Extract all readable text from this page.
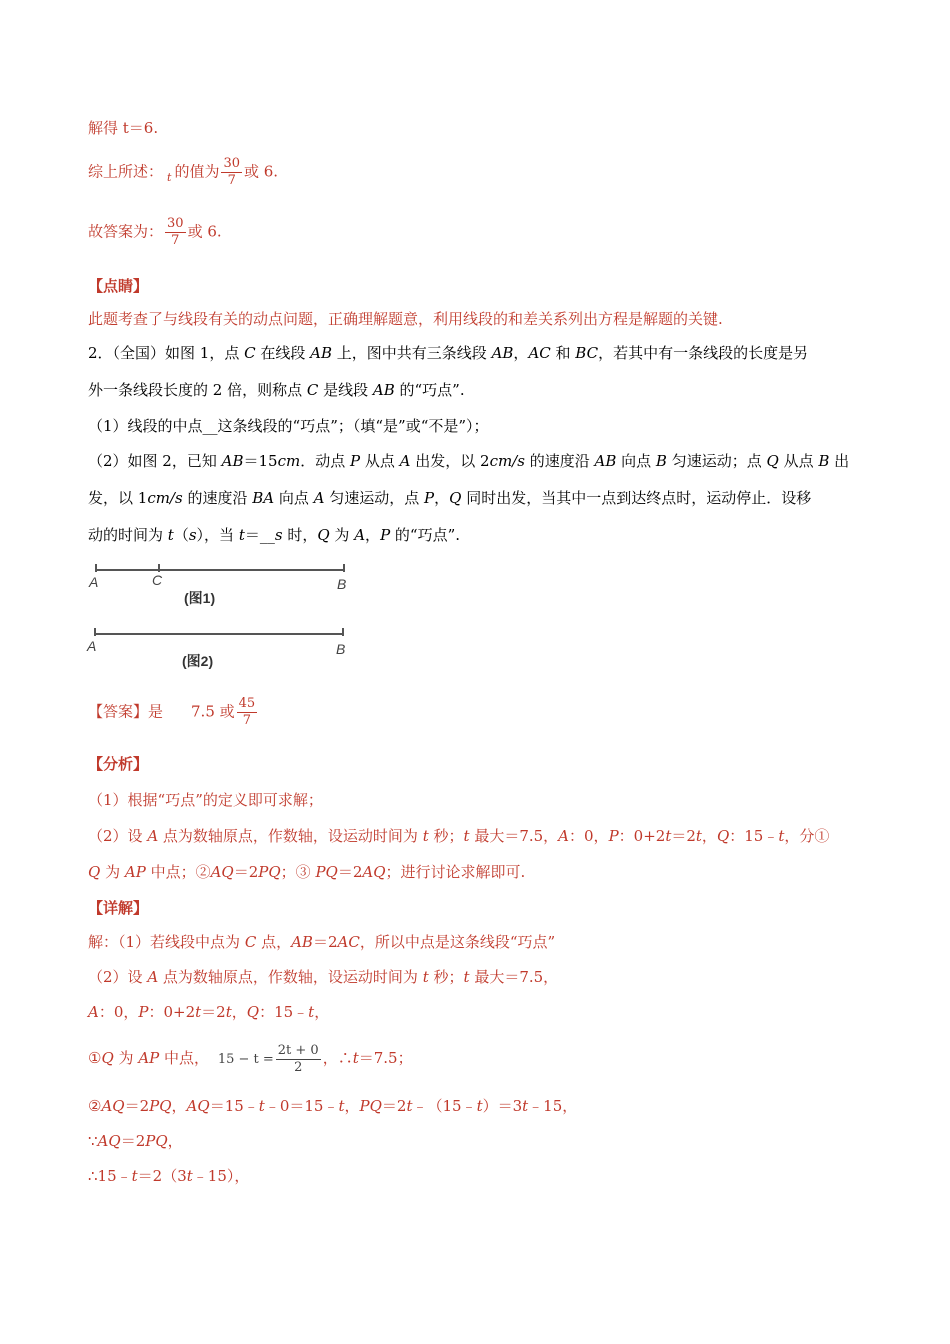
解得 t＝6.
综上所述： $_t$ 的值为 $\frac{30}{7}$ 或 6.
故答案为： $\frac{30}{7}$ 或 6.
【点睛】
此题考查了与线段有关的动点问题，正确理解题意，利用线段的和差关系列出方程是解题的关键.
2．（全国）如图 1，点 C 在线段 AB 上，图中共有三条线段 AB，AC 和 BC，若其中有一条线段的长度是另
外一条线段长度的 2 倍，则称点 C 是线段 AB 的“巧点”.
（1）线段的中点__这条线段的“巧点”；（填“是”或“不是”）；
（2）如图 2，已知 AB＝15cm．动点 P 从点 A 出发，以 2cm/s 的速度沿 AB 向点 B 匀速运动；点 Q 从点 B 出
发，以 1cm/s 的速度沿 BA 向点 A 匀速运动，点 P，Q 同时出发，当其中一点到达终点时，运动停止．设移
动的时间为 t（s），当 t＝__s 时，Q 为 A，P 的“巧点”.
A	C	B
(图1)
A	B
(图2)
【答案】是 7.5 或 $\frac{45}{7}$
【分析】
（1）根据“巧点”的定义即可求解；
（2）设 A 点为数轴原点，作数轴，设运动时间为 t 秒；t 最大＝7.5，A：0，P：0+2t＝2t，Q：15﹣t，分①
Q 为 AP 中点；②AQ＝2PQ；③ PQ＝2AQ；进行讨论求解即可.
【详解】
解：（1）若线段中点为 C 点，AB＝2AC，所以中点是这条线段“巧点”
（2）设 A 点为数轴原点，作数轴，设运动时间为 t 秒；t 最大＝7.5，
A：0，P：0+2t＝2t，Q：15﹣t，
①Q 为 AP 中点， $15 - t = \frac{2t + 0}{2}$ ，∴t＝7.5；
②AQ＝2PQ，AQ＝15﹣t﹣0＝15﹣t，PQ＝2t﹣（15﹣t）＝3t﹣15，
∵AQ＝2PQ，
∴15﹣t＝2（3t﹣15），
